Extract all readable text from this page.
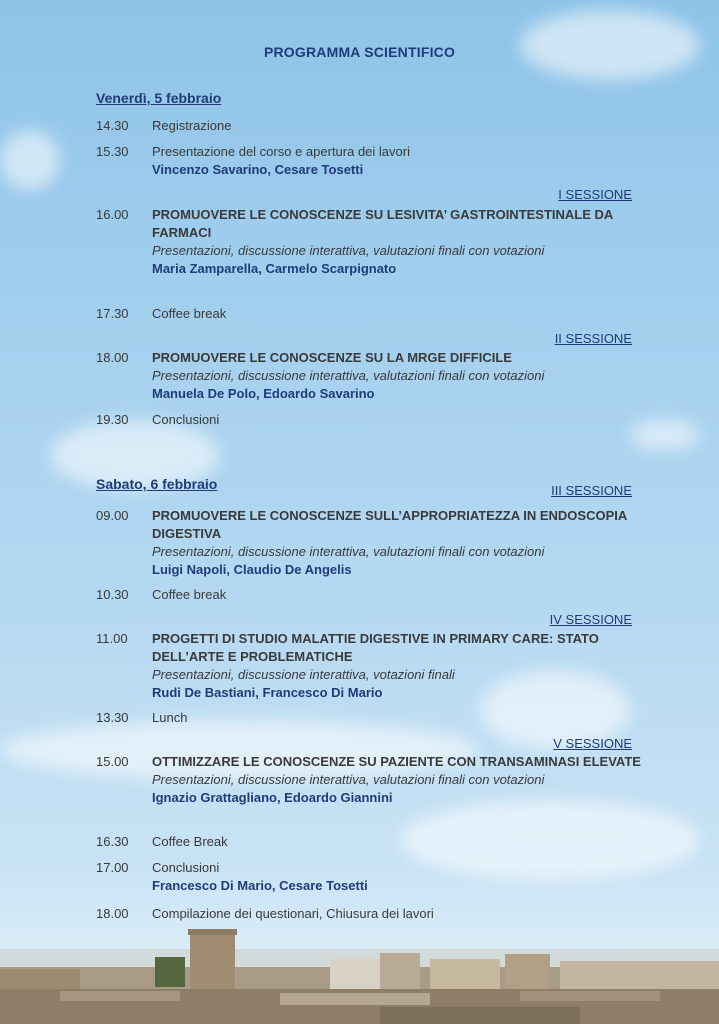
PROGRAMMA SCIENTIFICO
Venerdì, 5 febbraio
14.30	Registrazione
15.30	Presentazione del corso e apertura dei lavori
Vincenzo Savarino, Cesare Tosetti
I SESSIONE
16.00	PROMUOVERE LE CONOSCENZE SU LESIVITA’ GASTROINTESTINALE DA FARMACI
Presentazioni, discussione interattiva, valutazioni finali con votazioni
Maria Zamparella, Carmelo Scarpignato
17.30	Coffee break
II SESSIONE
18.00	PROMUOVERE LE CONOSCENZE SU LA MRGE DIFFICILE
Presentazioni, discussione interattiva, valutazioni finali con votazioni
Manuela De Polo, Edoardo Savarino
19.30	Conclusioni
Sabato, 6 febbraio	III SESSIONE
09.00	PROMUOVERE LE CONOSCENZE SULL’APPROPRIATEZZA IN ENDOSCOPIA DIGESTIVA
Presentazioni, discussione interattiva, valutazioni finali con votazioni
Luigi Napoli, Claudio De Angelis
10.30	Coffee break
IV SESSIONE
11.00	PROGETTI DI STUDIO MALATTIE DIGESTIVE IN PRIMARY CARE: STATO DELL’ARTE E PROBLEMATICHE
Presentazioni, discussione interattiva, votazioni finali
Rudi De Bastiani, Francesco Di Mario
13.30	Lunch
V SESSIONE
15.00	OTTIMIZZARE LE CONOSCENZE SU PAZIENTE CON TRANSAMINASI ELEVATE
Presentazioni, discussione interattiva, valutazioni finali con votazioni
Ignazio Grattagliano, Edoardo Giannini
16.30	Coffee Break
17.00	Conclusioni
Francesco Di Mario, Cesare Tosetti
18.00	Compilazione dei questionari, Chiusura dei lavori
